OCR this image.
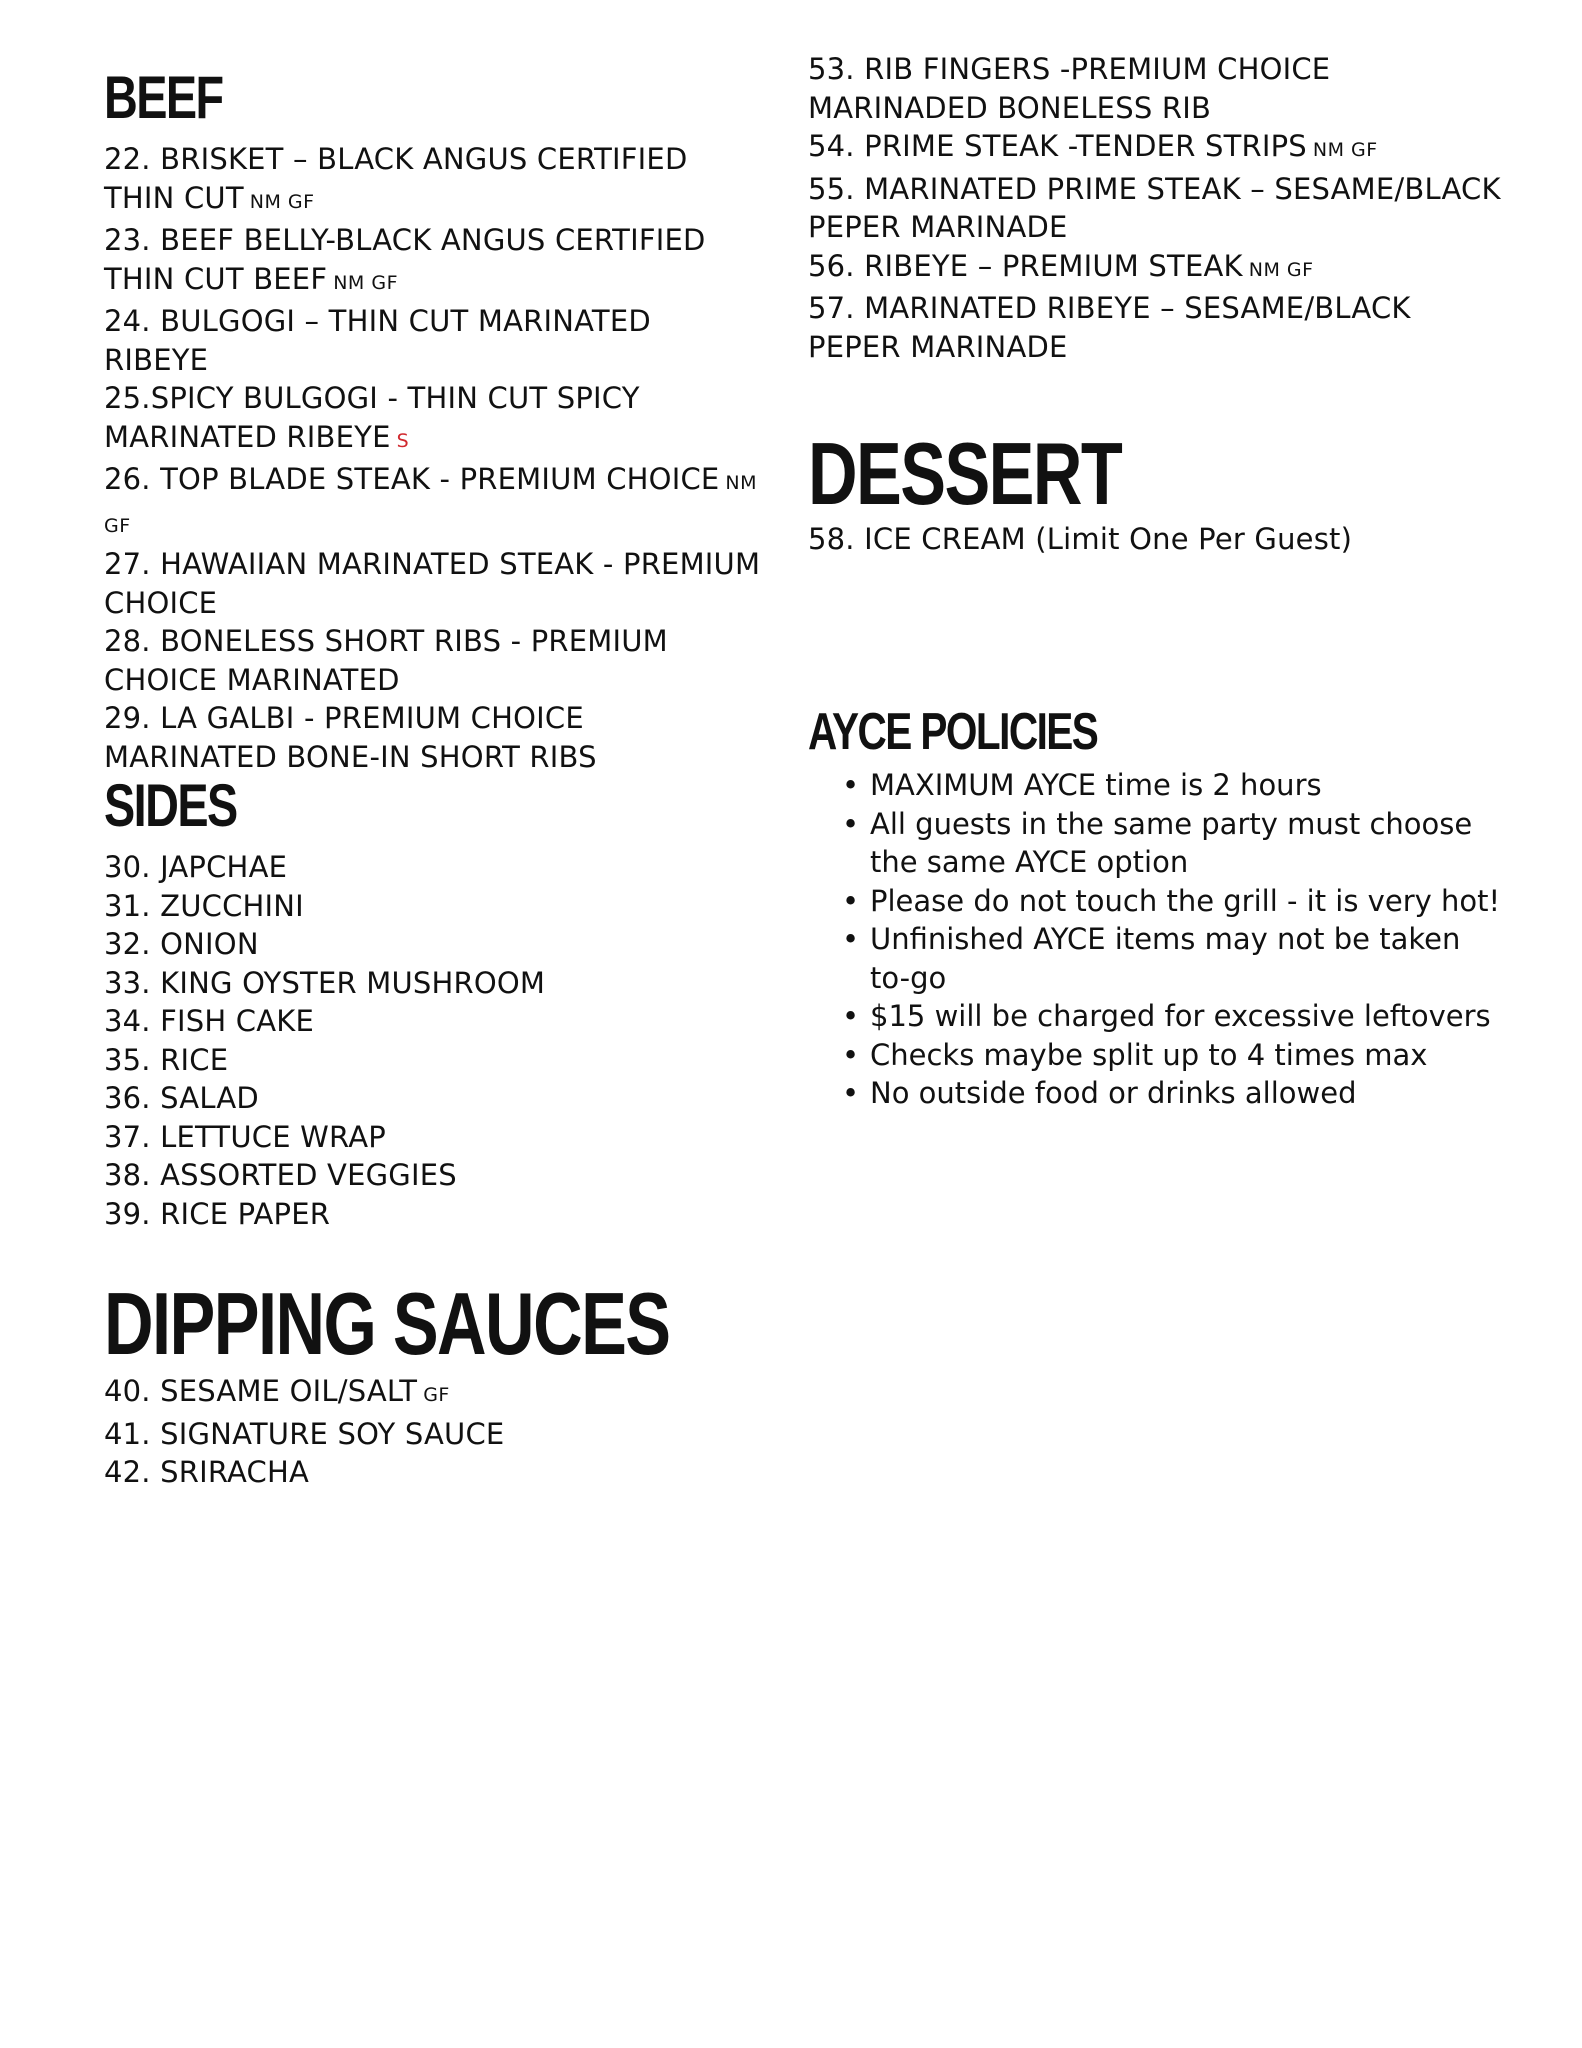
BEEF
22. BRISKET – BLACK ANGUS CERTIFIED THIN CUT NM GF
23. BEEF BELLY-BLACK ANGUS CERTIFIED THIN CUT BEEF NM GF
24. BULGOGI – THIN CUT MARINATED RIBEYE
25.SPICY BULGOGI - THIN CUT SPICY MARINATED RIBEYE S
26. TOP BLADE STEAK - PREMIUM CHOICE NM GF
27. HAWAIIAN MARINATED STEAK - PREMIUM CHOICE
28. BONELESS SHORT RIBS - PREMIUM CHOICE MARINATED
29. LA GALBI - PREMIUM CHOICE MARINATED BONE-IN SHORT RIBS
SIDES
30. JAPCHAE
31. ZUCCHINI
32. ONION
33. KING OYSTER MUSHROOM
34. FISH CAKE
35. RICE
36. SALAD
37. LETTUCE WRAP
38. ASSORTED VEGGIES
39. RICE PAPER
DIPPING SAUCES
40. SESAME OIL/SALT GF
41. SIGNATURE SOY SAUCE
42. SRIRACHA
53. RIB FINGERS -PREMIUM CHOICE MARINADED BONELESS RIB
54. PRIME STEAK -TENDER STRIPS NM GF
55. MARINATED PRIME STEAK – SESAME/BLACK PEPER MARINADE
56. RIBEYE – PREMIUM STEAK NM GF
57. MARINATED RIBEYE – SESAME/BLACK PEPER MARINADE
DESSERT
58. ICE CREAM (Limit One Per Guest)
AYCE POLICIES
• MAXIMUM AYCE time is 2 hours
• All guests in the same party must choose the same AYCE option
• Please do not touch the grill - it is very hot!
• Unfinished AYCE items may not be taken to-go
• $15 will be charged for excessive leftovers
• Checks maybe split up to 4 times max
• No outside food or drinks allowed
